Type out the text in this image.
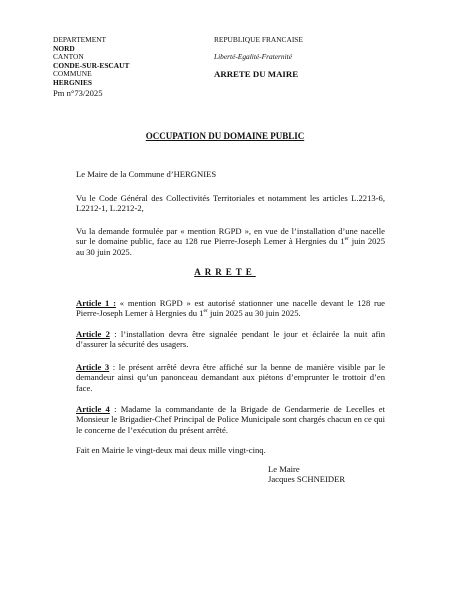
DEPARTEMENT
NORD
CANTON
CONDE-SUR-ESCAUT
COMMUNE
HERGNIES
Pm n°73/2025
REPUBLIQUE FRANCAISE
Liberté-Egalité-Fraternité
ARRETE DU MAIRE
OCCUPATION DU DOMAINE PUBLIC
Le Maire de la Commune d’HERGNIES
Vu le Code Général des Collectivités Territoriales et notamment les articles L.2213-6, L2212-1, L.2212-2,
Vu la demande formulée par « mention RGPD », en vue de l’installation d’une nacelle sur le domaine public, face au 128 rue Pierre-Joseph Lemer à Hergnies du 1er juin 2025 au 30 juin 2025.
ARRETE
Article 1 : « mention RGPD » est autorisé stationner une nacelle devant le 128 rue Pierre-Joseph Lemer à Hergnies du 1er juin 2025 au 30 juin 2025.
Article 2 : l’installation devra être signalée pendant le jour et éclairée la nuit afin d’assurer la sécurité des usagers.
Article 3 : le présent arrêté devra être affiché sur la benne de manière visible par le demandeur ainsi qu’un panonceau demandant aux piétons d’emprunter le trottoir d’en face.
Article 4 : Madame la commandante de la Brigade de Gendarmerie de Lecelles et Monsieur le Brigadier-Chef Principal de Police Municipale sont chargés chacun en ce qui le concerne de l’exécution du présent arrêté.
Fait en Mairie le vingt-deux mai deux mille vingt-cinq.
Le Maire
Jacques SCHNEIDER
